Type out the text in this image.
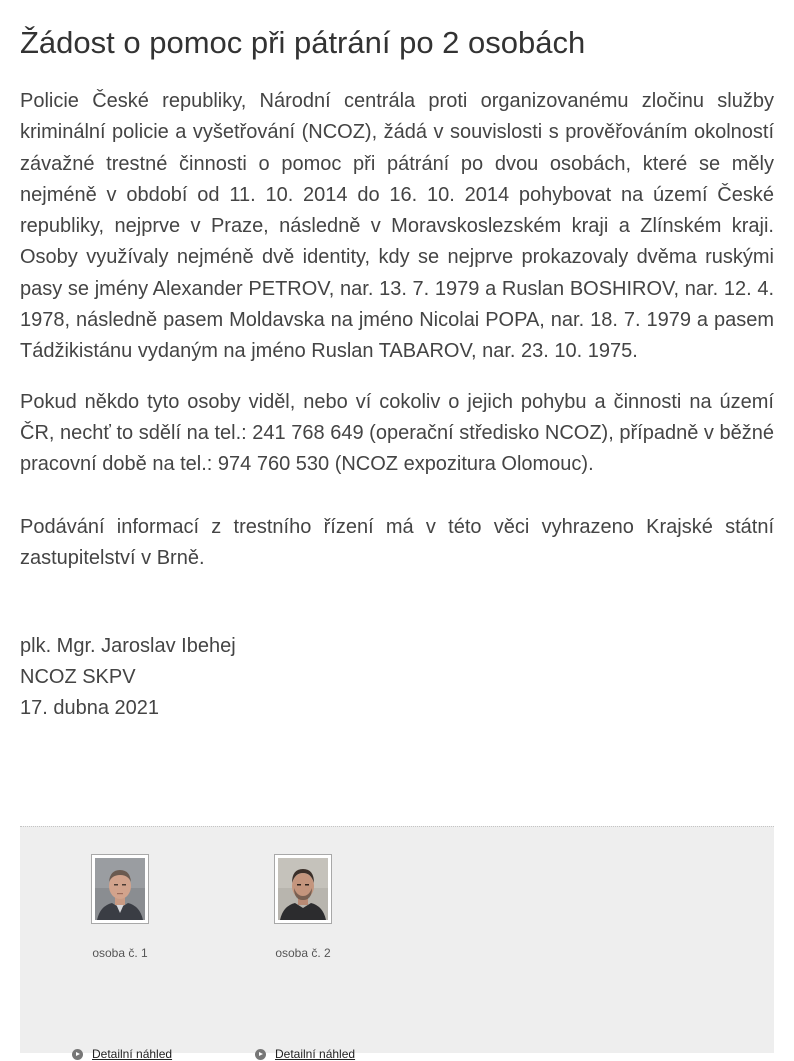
Žádost o pomoc při pátrání po 2 osobách

Policie České republiky, Národní centrála proti organizovanému zločinu služby kriminální policie a vyšetřování (NCOZ), žádá v souvislosti s prověřováním okolností závažné trestné činnosti o pomoc při pátrání po dvou osobách, které se měly nejméně v období od 11. 10. 2014 do 16. 10. 2014 pohybovat na území České republiky, nejprve v Praze, následně v Moravskoslezském kraji a Zlínském kraji. Osoby využívaly nejméně dvě identity, kdy se nejprve prokazovaly dvěma ruskými pasy se jmény Alexander PETROV, nar. 13. 7. 1979 a Ruslan BOSHIROV, nar. 12. 4. 1978, následně pasem Moldavska na jméno Nicolai POPA, nar. 18. 7. 1979 a pasem Tádžikistánu vydaným na jméno Ruslan TABAROV, nar. 23. 10. 1975.

Pokud někdo tyto osoby viděl, nebo ví cokoliv o jejich pohybu a činnosti na území ČR, nechť to sdělí na tel.: 241 768 649 (operační středisko NCOZ), případně v běžné pracovní době na tel.: 974 760 530 (NCOZ expozitura Olomouc).

Podávání informací z trestního řízení má v této věci vyhrazeno Krajské státní zastupitelství v Brně.

plk. Mgr. Jaroslav Ibehej
NCOZ SKPV
17. dubna 2021
osoba č. 1
Detailní náhled
osoba č. 2
Detailní náhled
